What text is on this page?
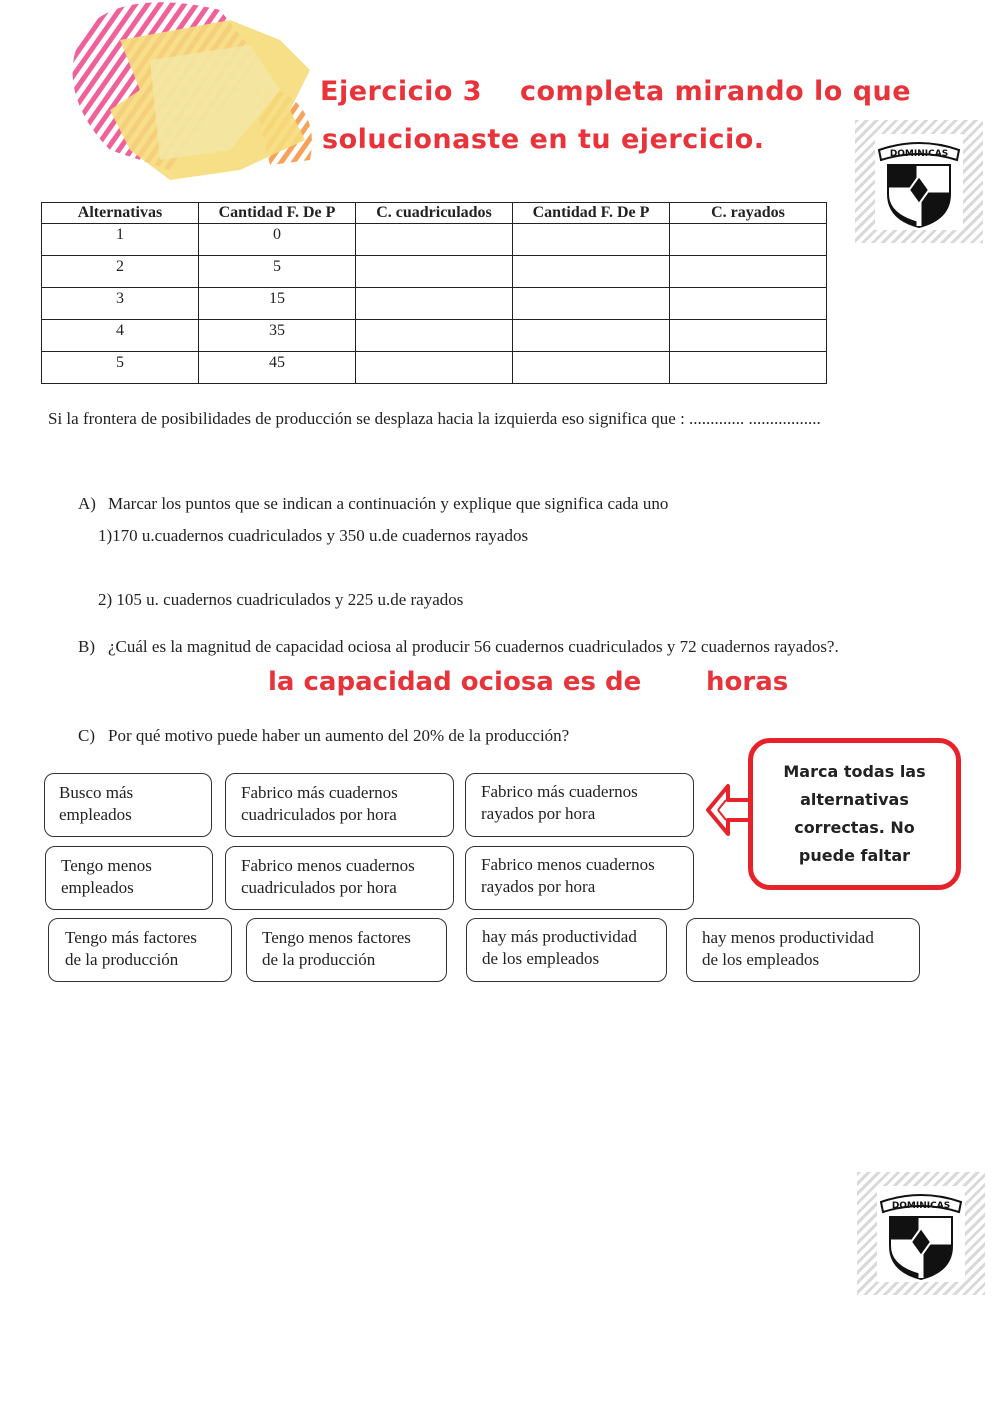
Ejercicio 3 completa mirando lo que
solucionaste en tu ejercicio.	DOMINICAS
Alternativas	Cantidad F. De P	C. cuadriculados	Cantidad F. De P	C. rayados
1	0			
2	5			
3	15			
4	35			
5	45			
Si la frontera de posibilidades de producción se desplaza hacia la izquierda eso significa que : ............. .................
A) Marcar los puntos que se indican a continuación y explique que significa cada uno
1)170 u.cuadernos cuadriculados y 350 u.de cuadernos rayados
2) 105 u. cuadernos cuadriculados y 225 u.de rayados
B) ¿Cuál es la magnitud de capacidad ociosa al producir 56 cuadernos cuadriculados y 72 cuadernos rayados?.
la capacidad ociosa es de horas
C) Por qué motivo puede haber un aumento del 20% de la producción?
Busco más
empleados
Fabrico más cuadernos
cuadriculados por hora
Fabrico más cuadernos
rayados por hora
Tengo menos
empleados
Fabrico menos cuadernos
cuadriculados por hora
Fabrico menos cuadernos
rayados por hora
Tengo más factores
de la producción
Tengo menos factores
de la producción
hay más productividad
de los empleados
hay menos productividad
de los empleados
Marca todas las
alternativas
correctas. No
puede faltar
DOMINICAS
